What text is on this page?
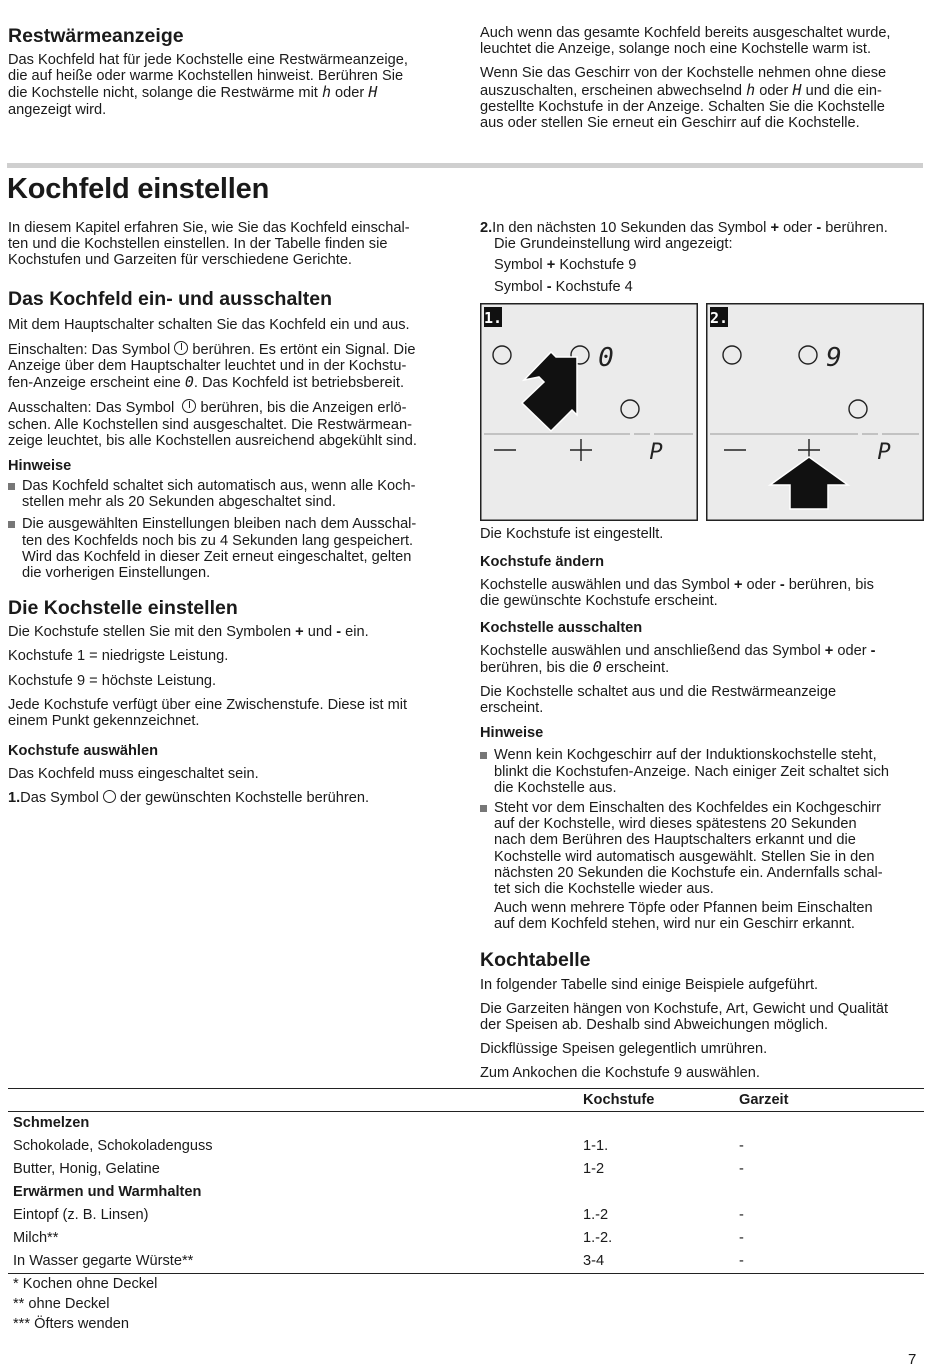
Restwärmeanzeige

Das Kochfeld hat für jede Kochstelle eine Restwärmeanzeige,

die auf heiße oder warme Kochstellen hinweist. Berühren Sie

die Kochstelle nicht, solange die Restwärme mit h oder H

angezeigt wird.

Auch wenn das gesamte Kochfeld bereits ausgeschaltet wurde,

leuchtet die Anzeige, solange noch eine Kochstelle warm ist.

Wenn Sie das Geschirr von der Kochstelle nehmen ohne diese

auszuschalten, erscheinen abwechselnd h oder H und die ein-

gestellte Kochstufe in der Anzeige. Schalten Sie die Kochstelle

aus oder stellen Sie erneut ein Geschirr auf die Kochstelle.

Kochfeld einstellen

In diesem Kapitel erfahren Sie, wie Sie das Kochfeld einschal-

ten und die Kochstellen einstellen. In der Tabelle finden sie

Kochstufen und Garzeiten für verschiedene Gerichte.

Das Kochfeld ein- und ausschalten

Mit dem Hauptschalter schalten Sie das Kochfeld ein und aus.

Einschalten: Das Symbol berühren. Es ertönt ein Signal. Die

Anzeige über dem Hauptschalter leuchtet und in der Kochstu-

fen-Anzeige erscheint eine 0. Das Kochfeld ist betriebsbereit.

Ausschalten: Das Symbol berühren, bis die Anzeigen erlö-

schen. Alle Kochstellen sind ausgeschaltet. Die Restwärmean-

zeige leuchtet, bis alle Kochstellen ausreichend abgekühlt sind.

Hinweise
Das Kochfeld schaltet sich automatisch aus, wenn alle Koch-
stellen mehr als 20 Sekunden abgeschaltet sind.
Die ausgewählten Einstellungen bleiben nach dem Ausschal-
ten des Kochfelds noch bis zu 4 Sekunden lang gespeichert.
Wird das Kochfeld in dieser Zeit erneut eingeschaltet, gelten
die vorherigen Einstellungen.
Die Kochstelle einstellen

Die Kochstufe stellen Sie mit den Symbolen + und - ein.

Kochstufe 1 = niedrigste Leistung.

Kochstufe 9 = höchste Leistung.

Jede Kochstufe verfügt über eine Zwischenstufe. Diese ist mit

einem Punkt gekennzeichnet.

Kochstufe auswählen

Das Kochfeld muss eingeschaltet sein.

1.Das Symbol der gewünschten Kochstelle berühren.

2.In den nächsten 10 Sekunden das Symbol + oder - berühren.

Die Grundeinstellung wird angezeigt:

Symbol + Kochstufe 9

Symbol - Kochstufe 4

1.
0
P
2.
9
P

Die Kochstufe ist eingestellt.

Kochstufe ändern

Kochstelle auswählen und das Symbol + oder - berühren, bis

die gewünschte Kochstufe erscheint.

Kochstelle ausschalten

Kochstelle auswählen und anschließend das Symbol + oder -

berühren, bis die 0 erscheint.

Die Kochstelle schaltet aus und die Restwärmeanzeige

erscheint.

Hinweise
Wenn kein Kochgeschirr auf der Induktionskochstelle steht,
blinkt die Kochstufen-Anzeige. Nach einiger Zeit schaltet sich
die Kochstelle aus.
Steht vor dem Einschalten des Kochfeldes ein Kochgeschirr
auf der Kochstelle, wird dieses spätestens 20 Sekunden
nach dem Berühren des Hauptschalters erkannt und die
Kochstelle wird automatisch ausgewählt. Stellen Sie in den
nächsten 20 Sekunden die Kochstufe ein. Andernfalls schal-
tet sich die Kochstelle wieder aus.

Auch wenn mehrere Töpfe oder Pfannen beim Einschalten
auf dem Kochfeld stehen, wird nur ein Geschirr erkannt.

Kochtabelle

In folgender Tabelle sind einige Beispiele aufgeführt.

Die Garzeiten hängen von Kochstufe, Art, Gewicht und Qualität

der Speisen ab. Deshalb sind Abweichungen möglich.

Dickflüssige Speisen gelegentlich umrühren.

Zum Ankochen die Kochstufe 9 auswählen.

	Kochstufe	Garzeit
Schmelzen		
Schokolade, Schokoladenguss	1-1.	-
Butter, Honig, Gelatine	1-2	-
Erwärmen und Warmhalten		
Eintopf (z. B. Linsen)	1.-2	-
Milch**	1.-2.	-
In Wasser gegarte Würste**	3-4	-

* Kochen ohne Deckel

** ohne Deckel

*** Öfters wenden

7
